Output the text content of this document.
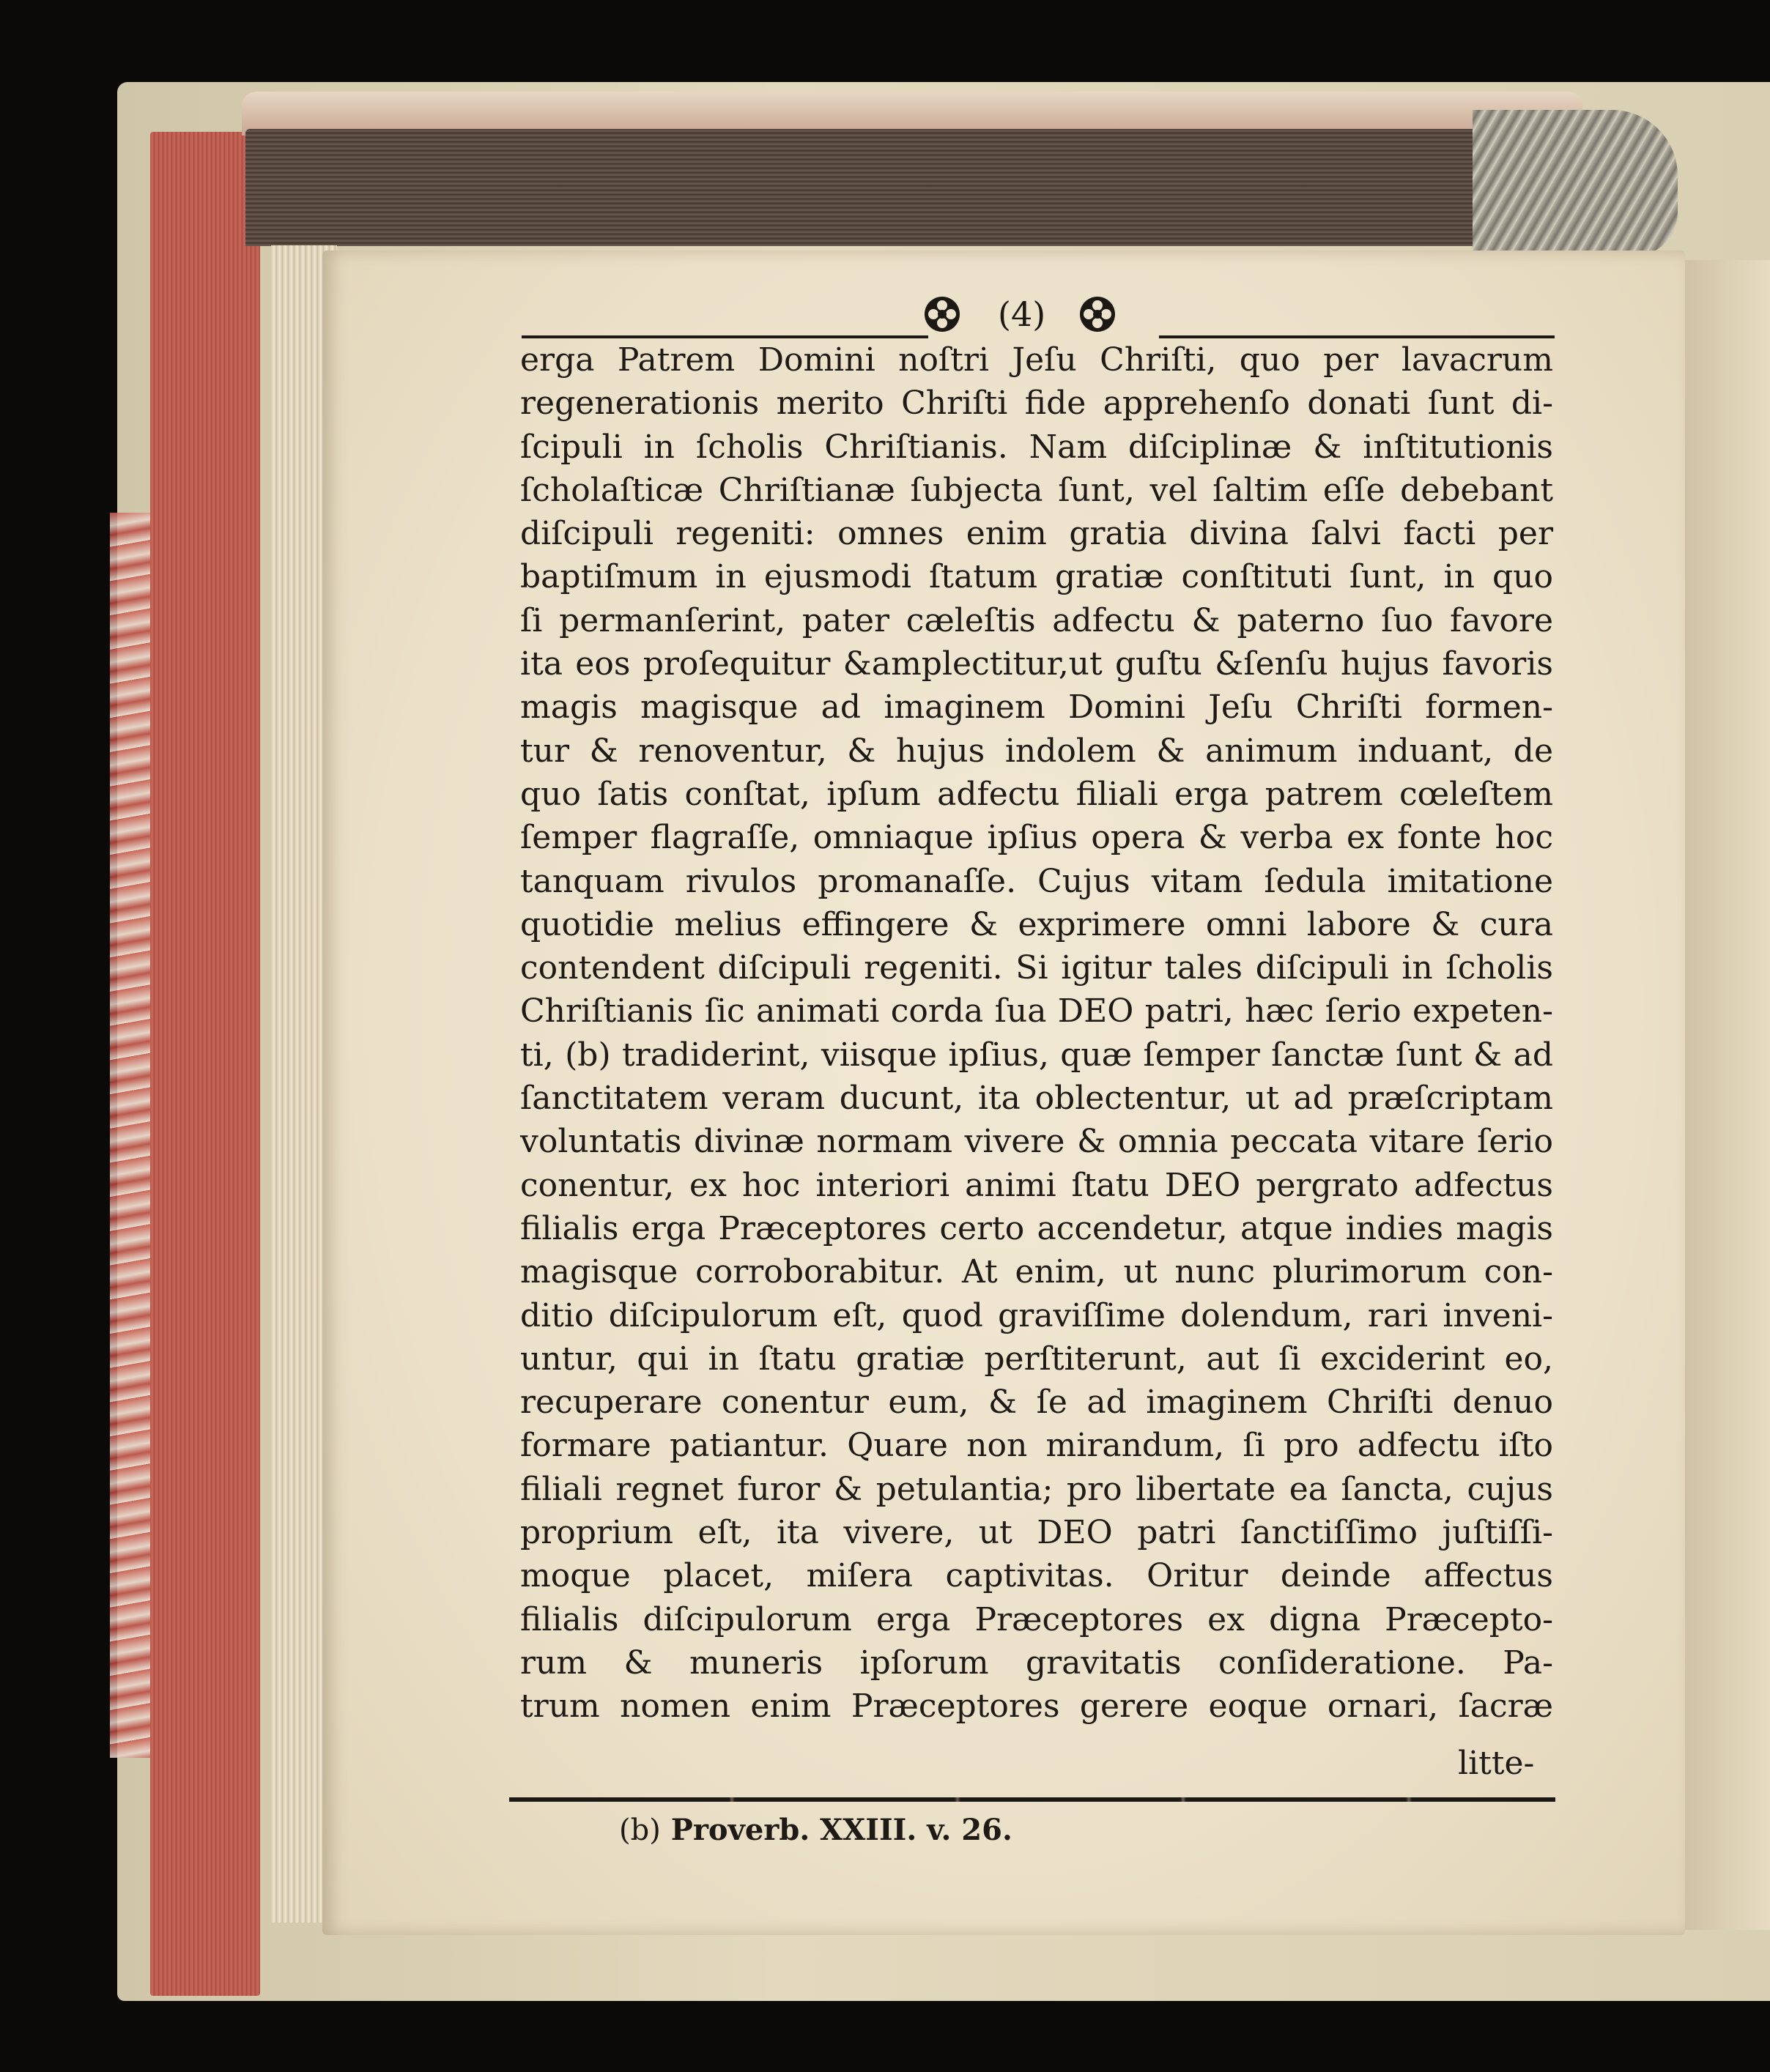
(4)
erga Patrem Domini noſtri Jeſu Chriſti, quo per lavacrum
regenerationis merito Chriſti fide apprehenſo donati ſunt di-
ſcipuli in ſcholis Chriſtianis. Nam diſciplinæ & inſtitutionis
ſcholaſticæ Chriſtianæ ſubjecta ſunt, vel ſaltim eſſe debebant
diſcipuli regeniti: omnes enim gratia divina ſalvi facti per
baptiſmum in ejusmodi ſtatum gratiæ conſtituti ſunt, in quo
ſi permanſerint, pater cæleſtis adfectu & paterno ſuo favore
ita eos proſequitur &amplectitur,ut guſtu &ſenſu hujus favoris
magis magisque ad imaginem Domini Jeſu Chriſti formen-
tur & renoventur, & hujus indolem & animum induant, de
quo ſatis conſtat, ipſum adfectu filiali erga patrem cœleſtem
ſemper flagraſſe, omniaque ipſius opera & verba ex fonte hoc
tanquam rivulos promanaſſe. Cujus vitam ſedula imitatione
quotidie melius effingere & exprimere omni labore & cura
contendent diſcipuli regeniti. Si igitur tales diſcipuli in ſcholis
Chriſtianis ſic animati corda ſua DEO patri, hæc ſerio expeten-
ti, (b) tradiderint, viisque ipſius, quæ ſemper ſanctæ ſunt & ad
ſanctitatem veram ducunt, ita oblectentur, ut ad præſcriptam
voluntatis divinæ normam vivere & omnia peccata vitare ſerio
conentur, ex hoc interiori animi ſtatu DEO pergrato adfectus
filialis erga Præceptores certo accendetur, atque indies magis
magisque corroborabitur. At enim, ut nunc plurimorum con-
ditio diſcipulorum eſt, quod graviſſime dolendum, rari inveni-
untur, qui in ſtatu gratiæ perſtiterunt, aut ſi exciderint eo,
recuperare conentur eum, & ſe ad imaginem Chriſti denuo
formare patiantur. Quare non mirandum, ſi pro adfectu iſto
filiali regnet furor & petulantia; pro libertate ea ſancta, cujus
proprium eſt, ita vivere, ut DEO patri ſanctiſſimo juſtiſſi-
moque placet, miſera captivitas. Oritur deinde affectus
filialis diſcipulorum erga Præceptores ex digna Præcepto-
rum & muneris ipſorum gravitatis conſideratione. Pa-
trum nomen enim Præceptores gerere eoque ornari, ſacræ
litte-
(b) Proverb. XXIII. v. 26.
